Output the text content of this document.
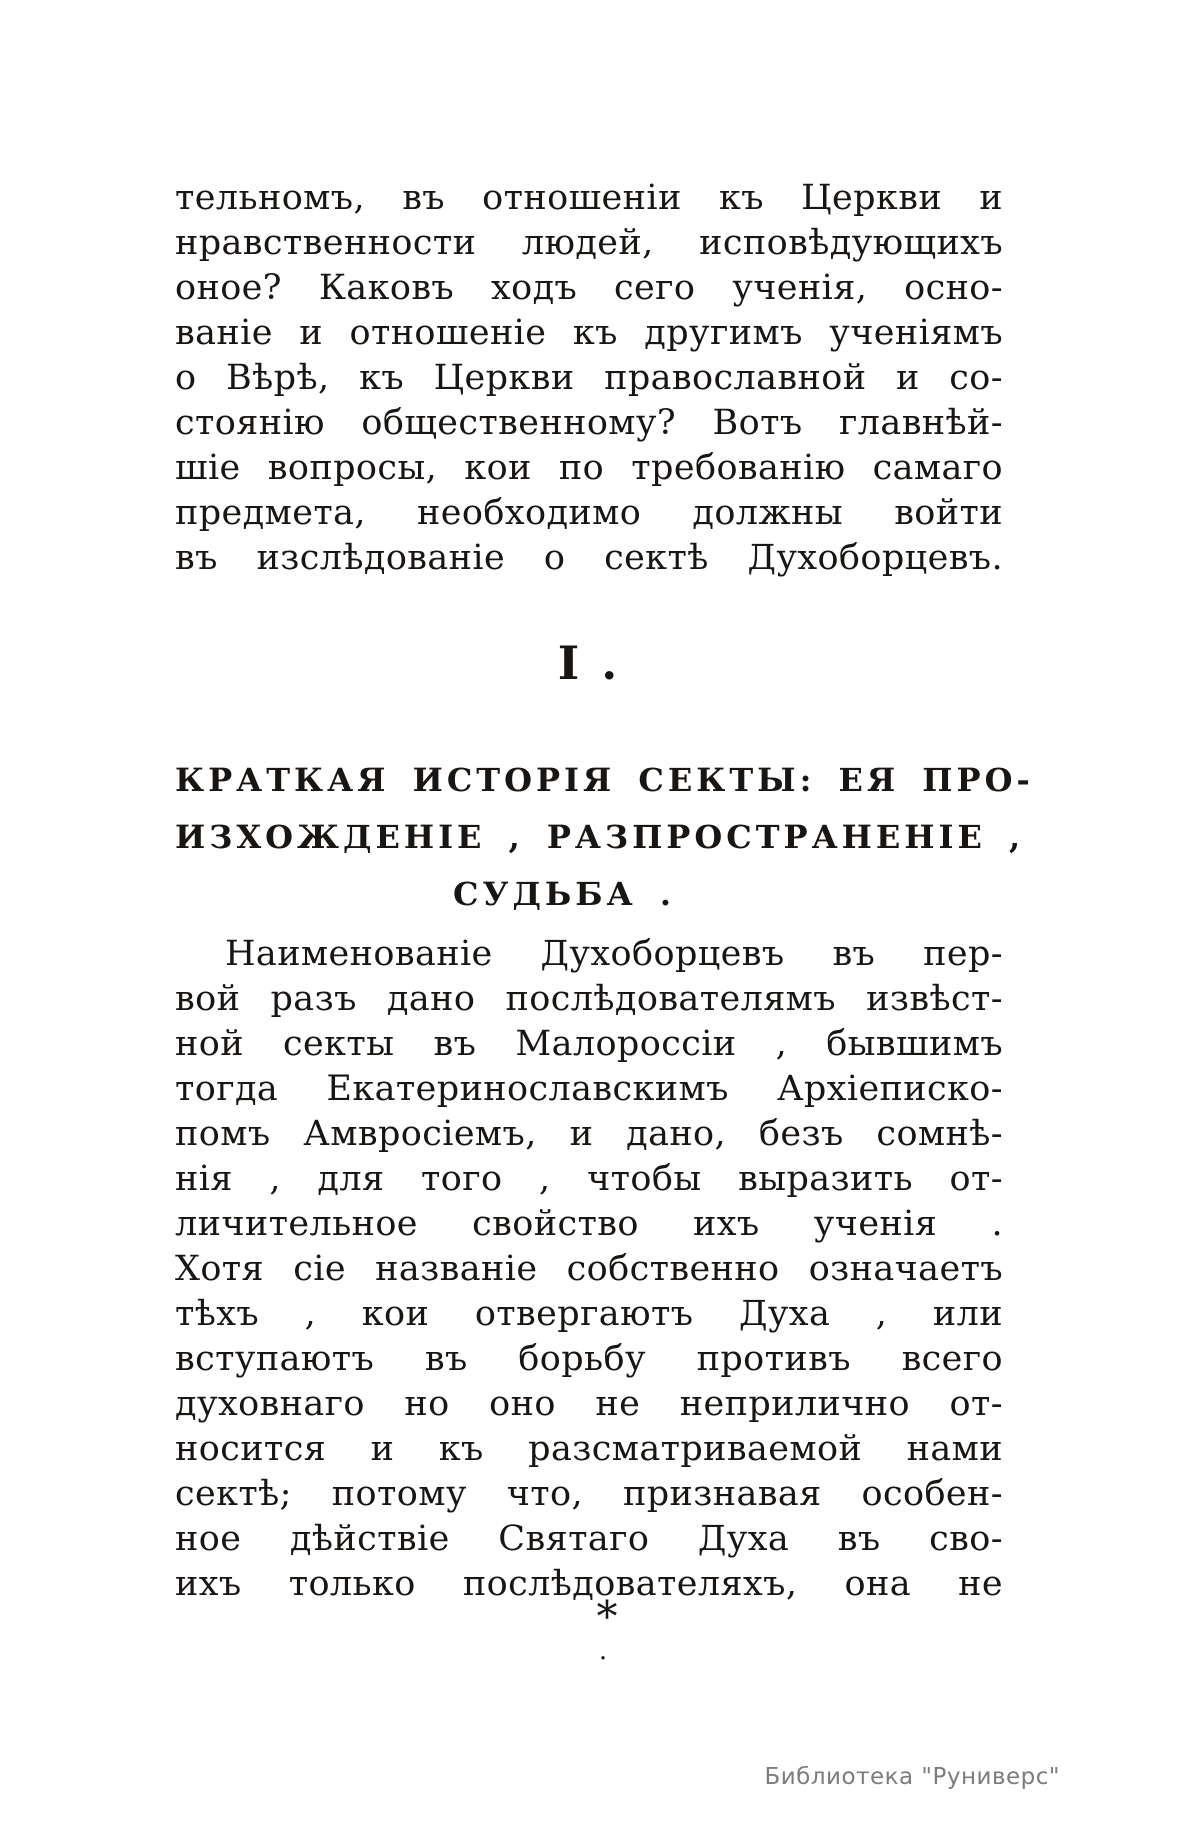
тельномъ, въ отношеніи къ Церкви и
нравственности людей, исповѣдующихъ
оное? Каковъ ходъ сего ученія, осно-
ваніе и отношеніе къ другимъ ученіямъ
о Вѣрѣ, къ Церкви православной и со-
стоянію общественному? Вотъ главнѣй-
шіе вопросы, кои по требованію самаго
предмета, необходимо должны войти
въ изслѣдованіе о сектѣ Духоборцевъ.
I .
КРАТКАЯ ИСТОРІЯ СЕКТЫ: ЕЯ ПРО-
ИЗХОЖДЕНІЕ , РАЗПРОСТРАНЕНІЕ ,
СУДЬБА .
Наименованіе Духоборцевъ въ пер-
вой разъ дано послѣдователямъ извѣст-
ной секты въ Малороссіи , бывшимъ
тогда Екатеринославскимъ Архіеписко-
помъ Амвросіемъ, и дано, безъ сомнѣ-
нія , для того , чтобы выразить от-
личительное свойство ихъ ученія .
Хотя сіе названіе собственно означаетъ
тѣхъ , кои отвергаютъ Духа , или
вступаютъ въ борьбу противъ всего
духовнаго но оно не неприлично от-
носится и къ разсматриваемой нами
сектѣ; потому что, признавая особен-
ное дѣйствіе Святаго Духа въ сво-
ихъ только послѣдователяхъ, она не
*
.
Библиотека "Руниверс"
